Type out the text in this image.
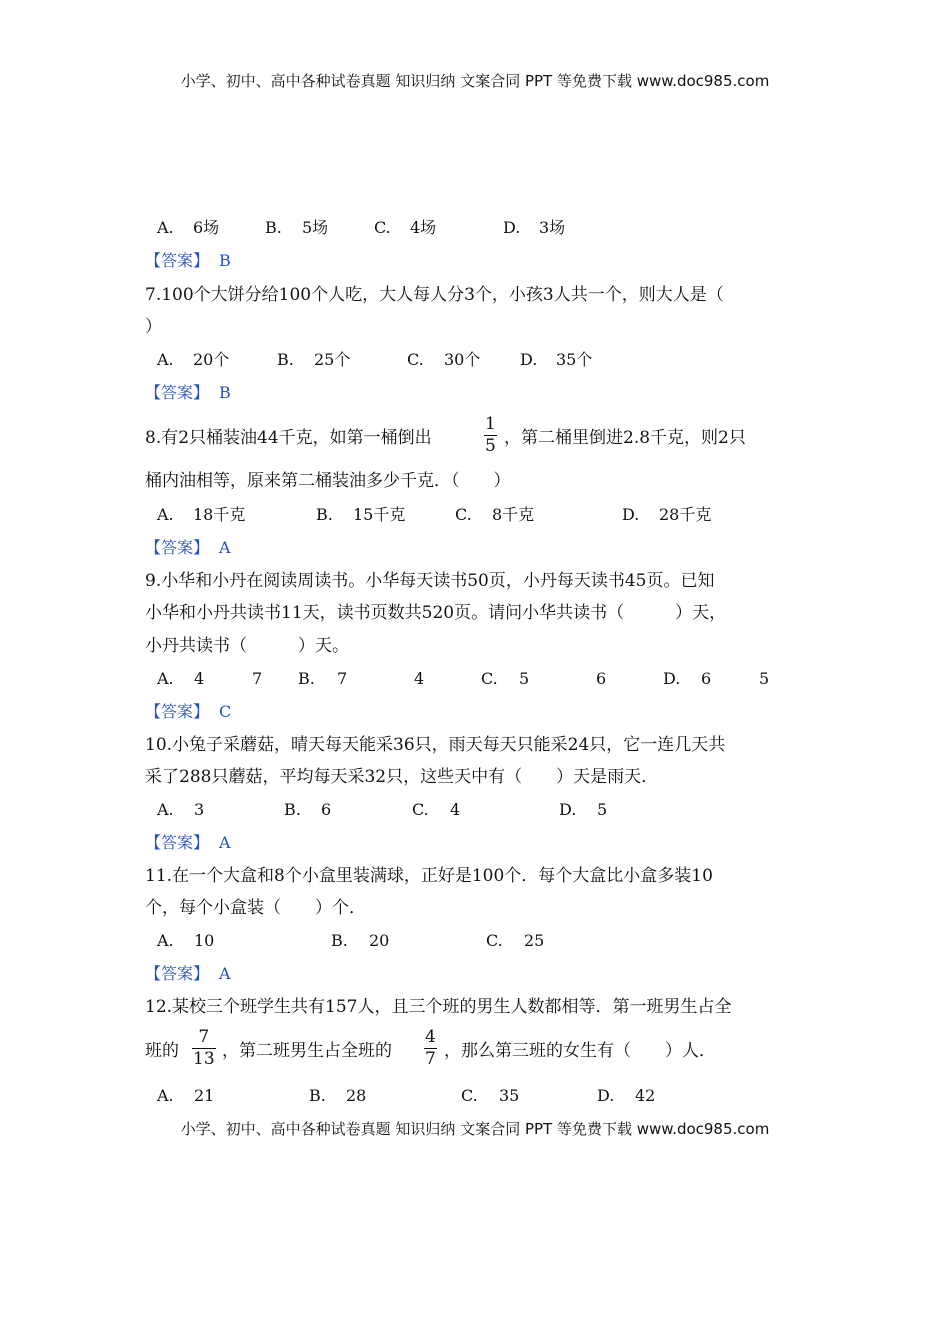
小学、初中、高中各种试卷真题 知识归纳 文案合同 PPT 等免费下载 www.doc985.com
A. 6场	B. 5场	C. 4场	D. 3场
【答案】 B
7.100个大饼分给100个人吃，大人每人分3个，小孩3人共一个，则大人是（
）
A. 20个	B. 25个	C. 30个 D. 35个
【答案】 B
8.有2只桶装油44千克，如第一桶倒出	$\frac{1}{5}$ ，第二桶里倒进2.8千克，则2只
桶内油相等，原来第二桶装油多少千克．（　　）
A. 18千克	B. 15千克	C. 8千克	D. 28千克
【答案】 A
9.小华和小丹在阅读周读书。小华每天读书50页，小丹每天读书45页。已知
小华和小丹共读书11天，读书页数共520页。请问小华共读书（　　　）天，
小丹共读书（　　　）天。
A. 4	7 B. 7	4	C. 5	6	D. 6	5
【答案】 C
10.小兔子采蘑菇，晴天每天能采36只，雨天每天只能采24只，它一连几天共
采了288只蘑菇，平均每天采32只，这些天中有（　　）天是雨天．
A. 3	B. 6	C. 4	D. 5
【答案】 A
11.在一个大盒和8个小盒里装满球，正好是100个．每个大盒比小盒多装10
个，每个小盒装（　　）个．
A. 10	B. 20	C. 25
【答案】 A
12.某校三个班学生共有157人，且三个班的男生人数都相等．第一班男生占全
班的 $\frac{7}{13}$ ，第二班男生占全班的 $\frac{4}{7}$ ，那么第三班的女生有（　　）人．
A. 21	B. 28	C. 35	D. 42
小学、初中、高中各种试卷真题 知识归纳 文案合同 PPT 等免费下载 www.doc985.com
